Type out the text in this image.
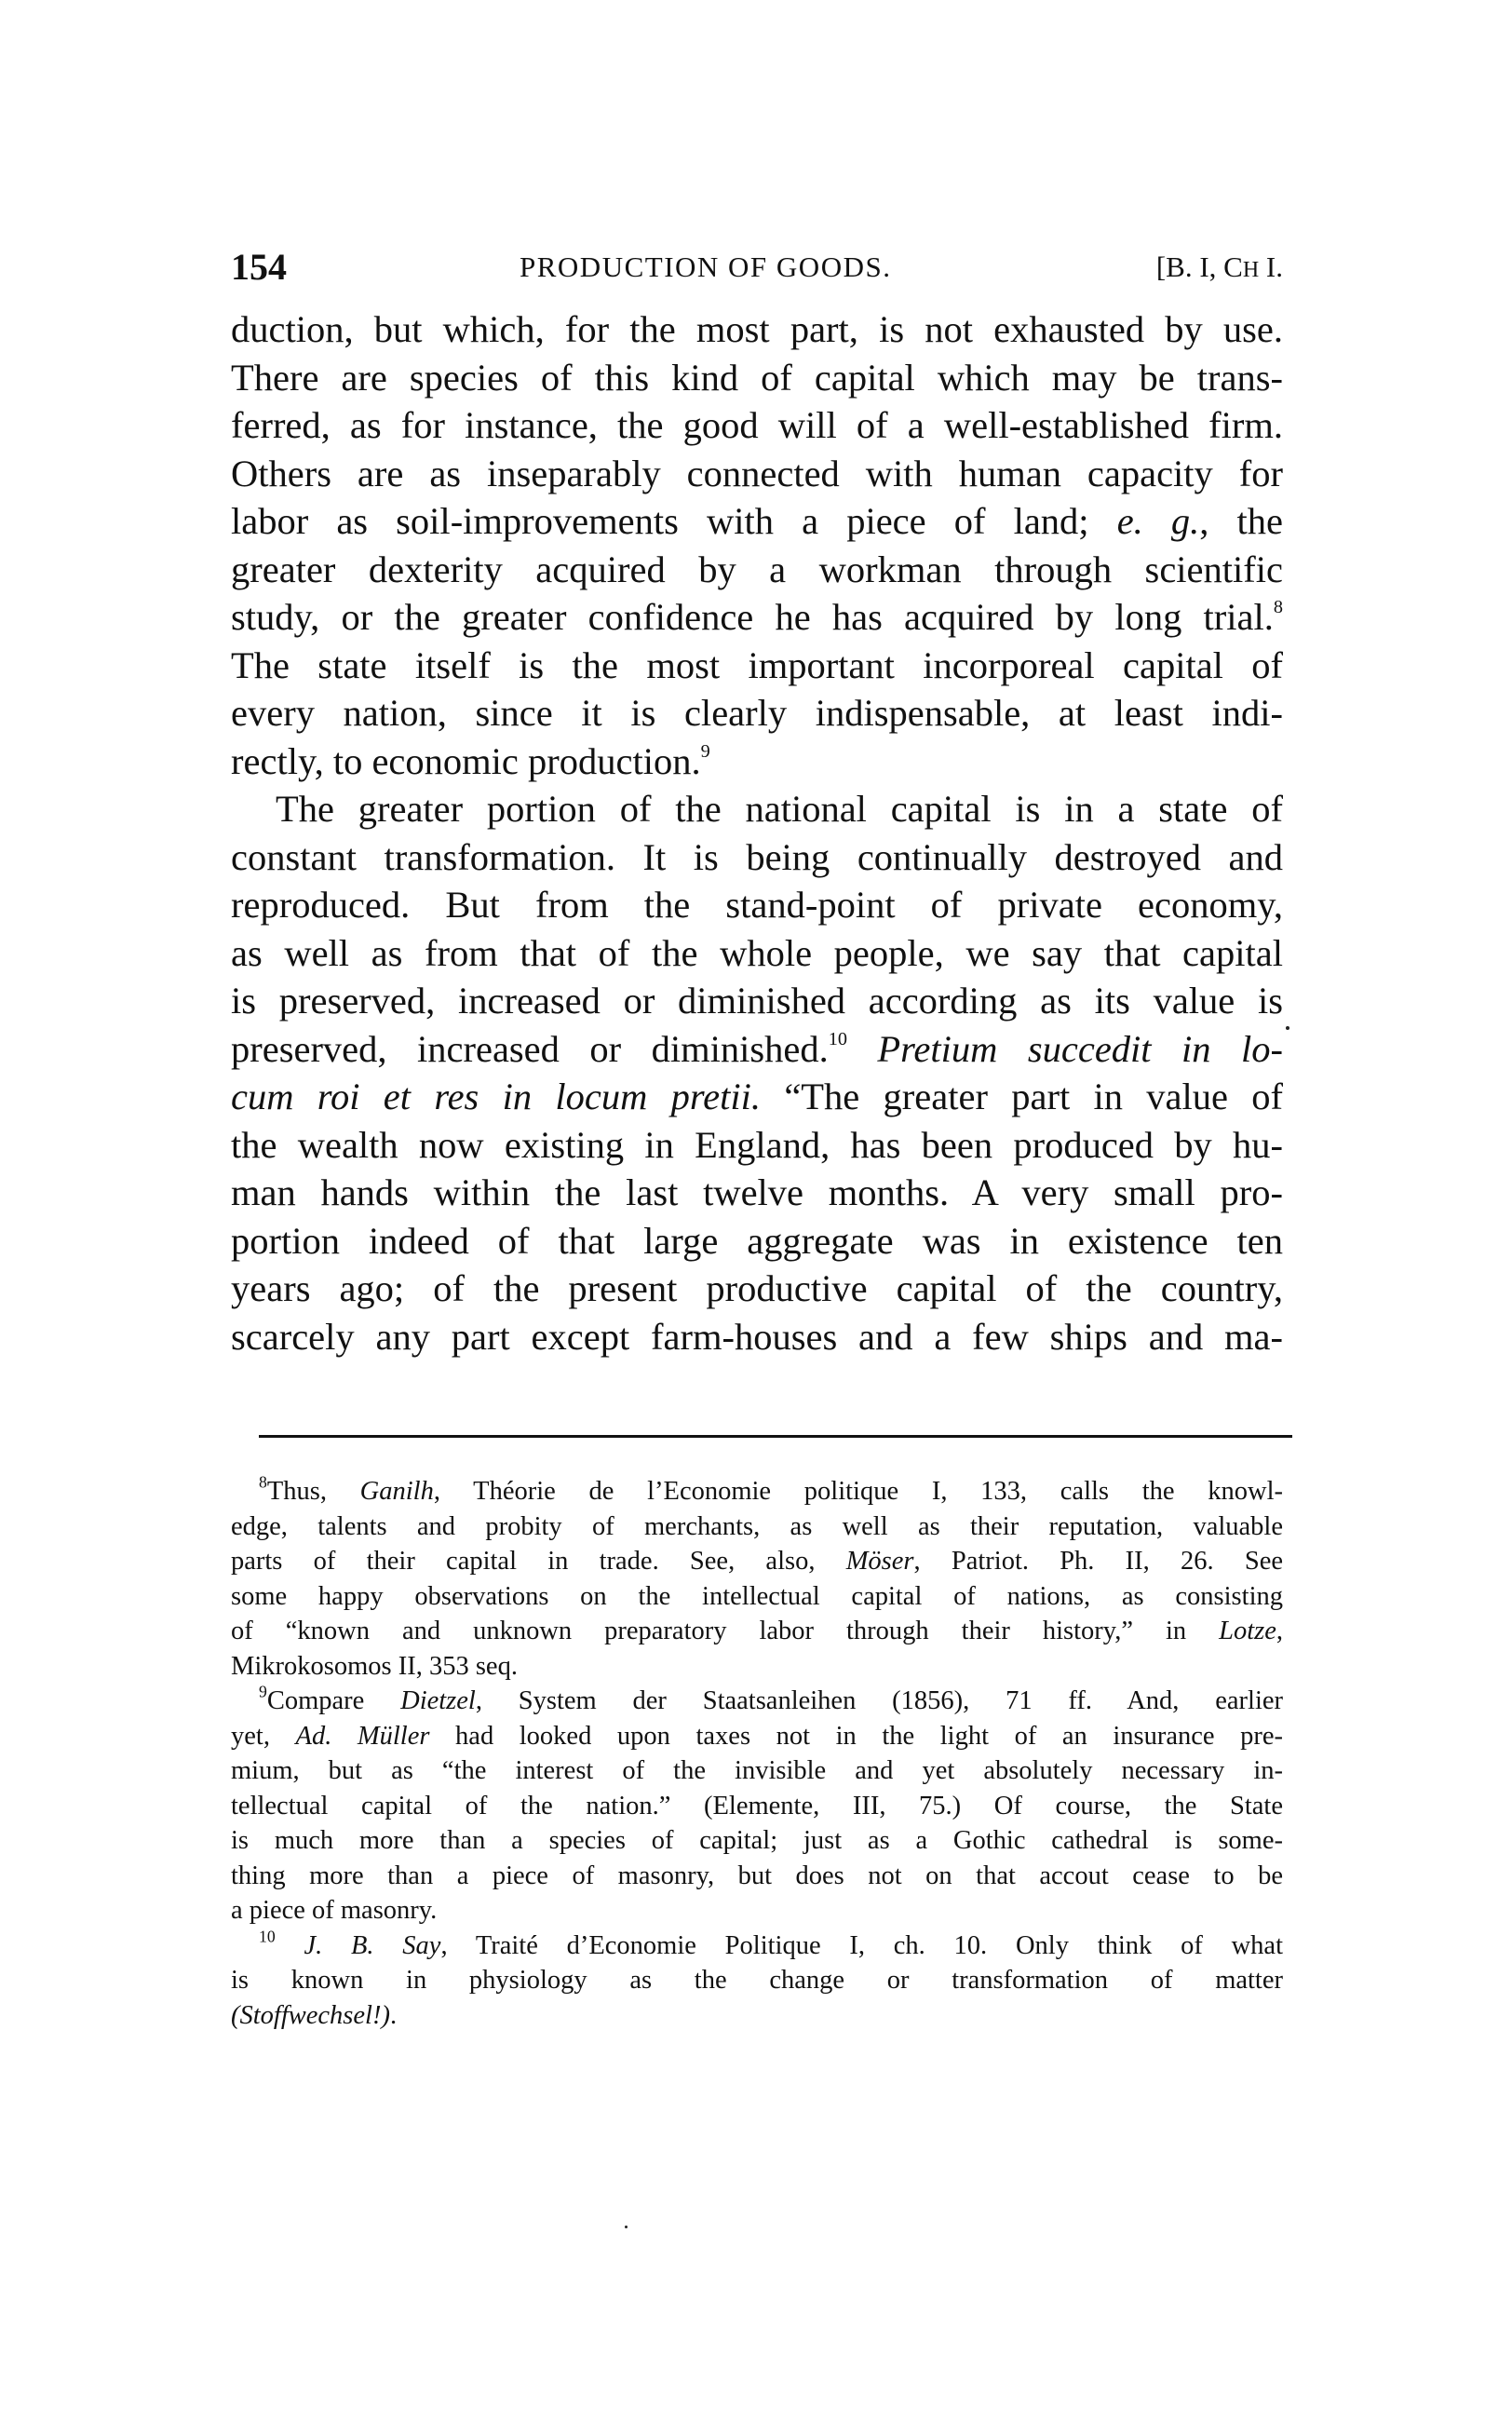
154	PRODUCTION OF GOODS.	[B. I, CH I.
duction, but which, for the most part, is not exhausted by use.
There are species of this kind of capital which may be trans-
ferred, as for instance, the good will of a well-established firm.
Others are as inseparably connected with human capacity for
labor as soil-improvements with a piece of land; e. g., the
greater dexterity acquired by a workman through scientific
study, or the greater confidence he has acquired by long trial.$^8$
The state itself is the most important incorporeal capital of
every nation, since it is clearly indispensable, at least indi-
rectly, to economic production.$^9$
The greater portion of the national capital is in a state of
constant transformation. It is being continually destroyed and
reproduced. But from the stand-point of private economy,
as well as from that of the whole people, we say that capital
is preserved, increased or diminished according as its value is
preserved, increased or diminished.$^{10}$ Pretium succedit in lo-
cum roi et res in locum pretii. “The greater part in value of
the wealth now existing in England, has been produced by hu-
man hands within the last twelve months. A very small pro-
portion indeed of that large aggregate was in existence ten
years ago; of the present productive capital of the country,
scarcely any part except farm-houses and a few ships and ma-
$^8$Thus, Ganilh, Théorie de l’Economie politique I, 133, calls the knowl-
edge, talents and probity of merchants, as well as their reputation, valuable
parts of their capital in trade. See, also, Möser, Patriot. Ph. II, 26. See
some happy observations on the intellectual capital of nations, as consisting
of “known and unknown preparatory labor through their history,” in Lotze,
Mikrokosomos II, 353 seq.
$^9$Compare Dietzel, System der Staatsanleihen (1856), 71 ff. And, earlier
yet, Ad. Müller had looked upon taxes not in the light of an insurance pre-
mium, but as “the interest of the invisible and yet absolutely necessary in-
tellectual capital of the nation.” (Elemente, III, 75.) Of course, the State
is much more than a species of capital; just as a Gothic cathedral is some-
thing more than a piece of masonry, but does not on that accout cease to be
a piece of masonry.
$^{10}$ J. B. Say, Traité d’Economie Politique I, ch. 10. Only think of what
is known in physiology as the change or transformation of matter
(Stoffwechsel!).
